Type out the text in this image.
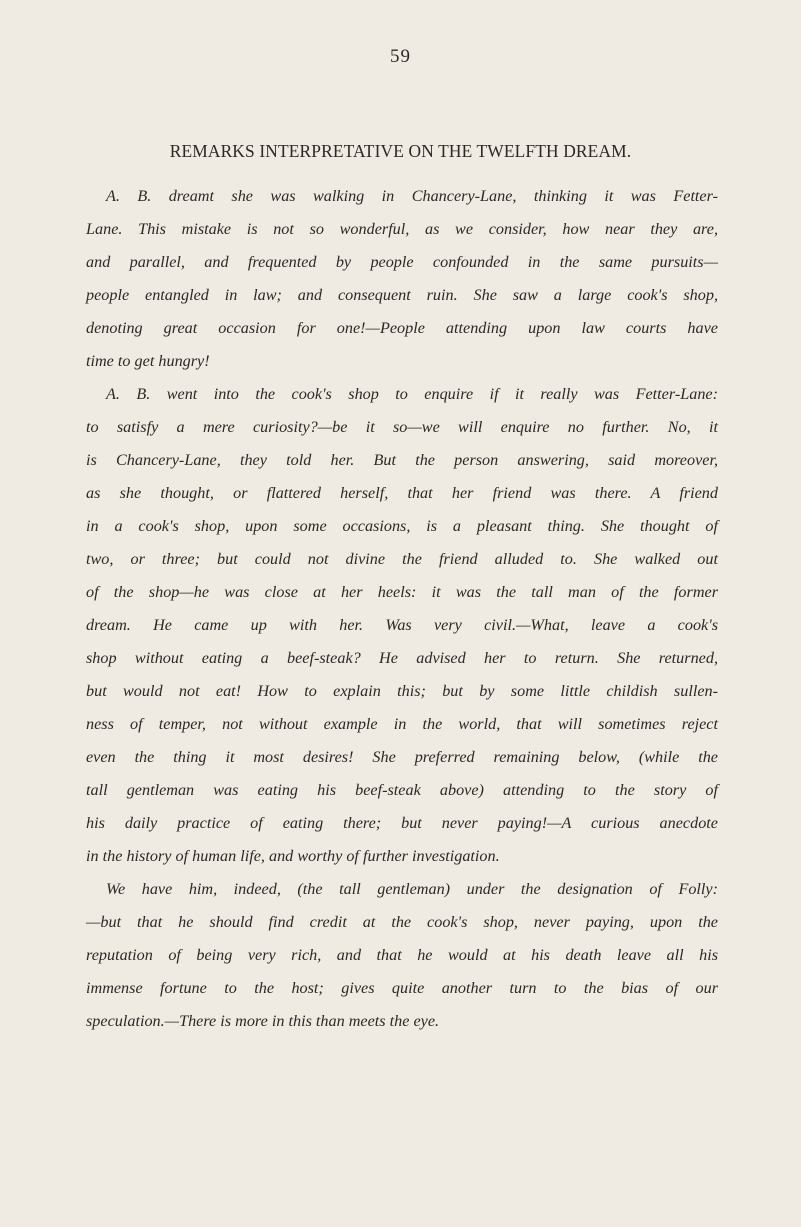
59
REMARKS INTERPRETATIVE ON THE TWELFTH DREAM.
A. B. dreamt she was walking in Chancery-Lane, thinking it was Fetter-
Lane. This mistake is not so wonderful, as we consider, how near they are,
and parallel, and frequented by people confounded in the same pursuits—
people entangled in law; and consequent ruin. She saw a large cook's shop,
denoting great occasion for one!—People attending upon law courts have
time to get hungry!
A. B. went into the cook's shop to enquire if it really was Fetter-Lane:
to satisfy a mere curiosity?—be it so—we will enquire no further. No, it
is Chancery-Lane, they told her. But the person answering, said moreover,
as she thought, or flattered herself, that her friend was there. A friend
in a cook's shop, upon some occasions, is a pleasant thing. She thought of
two, or three; but could not divine the friend alluded to. She walked out
of the shop—he was close at her heels: it was the tall man of the former
dream. He came up with her. Was very civil.—What, leave a cook's
shop without eating a beef-steak? He advised her to return. She returned,
but would not eat! How to explain this; but by some little childish sullen-
ness of temper, not without example in the world, that will sometimes reject
even the thing it most desires! She preferred remaining below, (while the
tall gentleman was eating his beef-steak above) attending to the story of
his daily practice of eating there; but never paying!—A curious anecdote
in the history of human life, and worthy of further investigation.
We have him, indeed, (the tall gentleman) under the designation of Folly:
—but that he should find credit at the cook's shop, never paying, upon the
reputation of being very rich, and that he would at his death leave all his
immense fortune to the host; gives quite another turn to the bias of our
speculation.—There is more in this than meets the eye.
